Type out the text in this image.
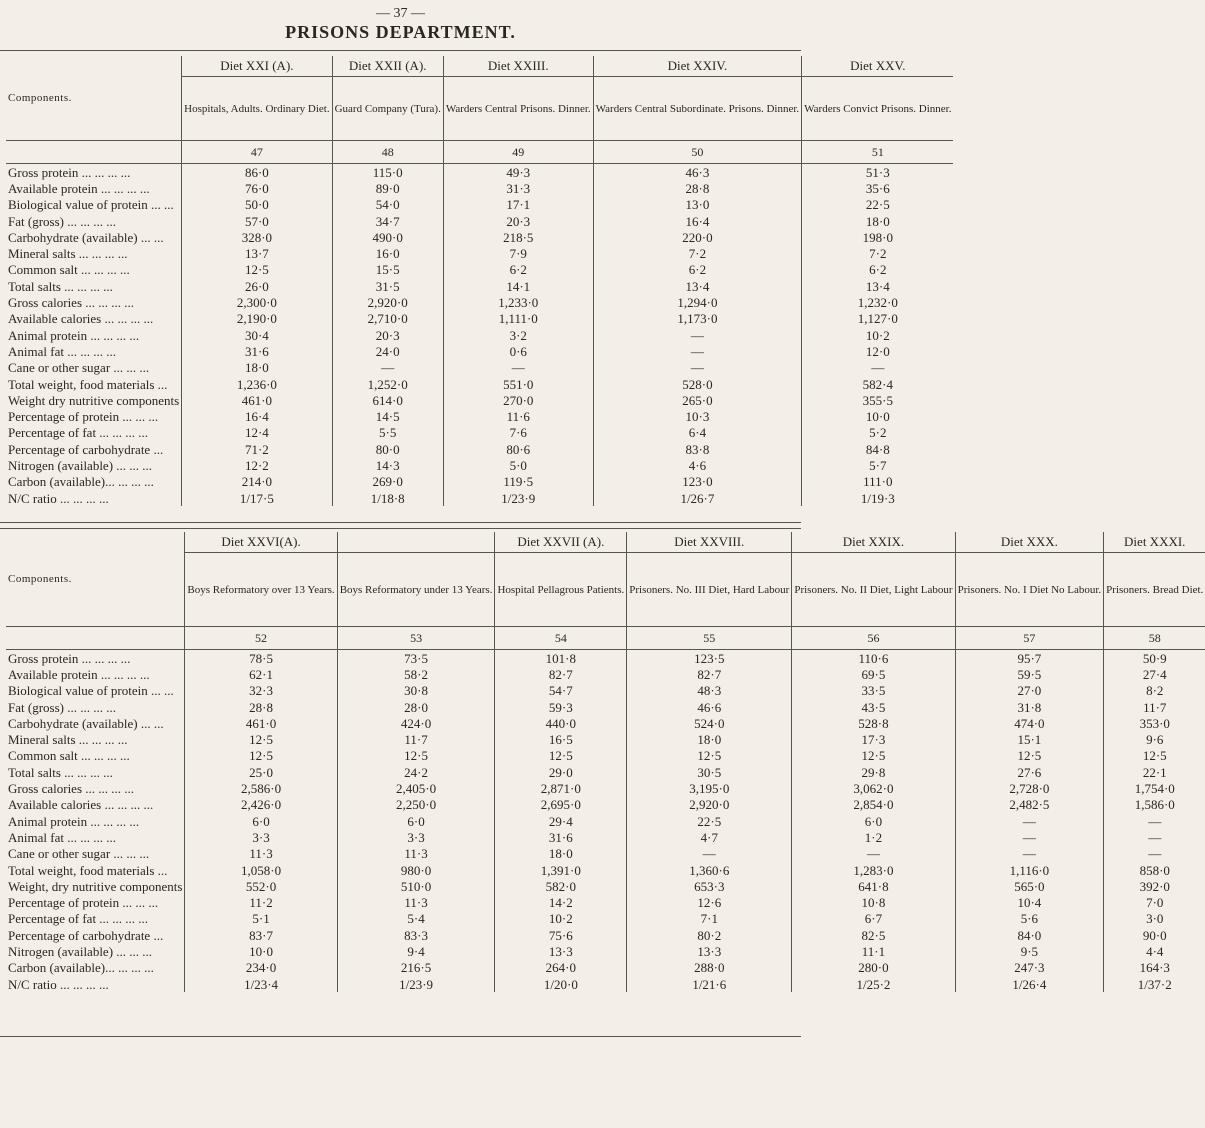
— 37 —
PRISONS DEPARTMENT.
Components.	Diet XXI (A).	Diet XXII (A).	Diet XXIII.	Diet XXIV.	Diet XXV.
	Hospitals, Adults. Ordinary Diet.	Guard Company (Tura).	Warders Central Prisons. Dinner.	Warders Central Subordinate. Prisons. Dinner.	Warders Convict Prisons. Dinner.
	47	48	49	50	51
Gross protein ... ... ... ...	86·0	115·0	49·3	46·3	51·3
Available protein ... ... ... ...	76·0	89·0	31·3	28·8	35·6
Biological value of protein ... ...	50·0	54·0	17·1	13·0	22·5
Fat (gross) ... ... ... ...	57·0	34·7	20·3	16·4	18·0
Carbohydrate (available) ... ...	328·0	490·0	218·5	220·0	198·0
Mineral salts ... ... ... ...	13·7	16·0	7·9	7·2	7·2
Common salt ... ... ... ...	12·5	15·5	6·2	6·2	6·2
Total salts ... ... ... ...	26·0	31·5	14·1	13·4	13·4
Gross calories ... ... ... ...	2,300·0	2,920·0	1,233·0	1,294·0	1,232·0
Available calories ... ... ... ...	2,190·0	2,710·0	1,111·0	1,173·0	1,127·0
Animal protein ... ... ... ...	30·4	20·3	3·2	—	10·2
Animal fat ... ... ... ...	31·6	24·0	0·6	—	12·0
Cane or other sugar ... ... ...	18·0	—	—	—	—
Total weight, food materials ...	1,236·0	1,252·0	551·0	528·0	582·4
Weight dry nutritive components	461·0	614·0	270·0	265·0	355·5
Percentage of protein ... ... ...	16·4	14·5	11·6	10·3	10·0
Percentage of fat ... ... ... ...	12·4	5·5	7·6	6·4	5·2
Percentage of carbohydrate ...	71·2	80·0	80·6	83·8	84·8
Nitrogen (available) ... ... ...	12·2	14·3	5·0	4·6	5·7
Carbon (available)... ... ... ...	214·0	269·0	119·5	123·0	111·0
N/C ratio ... ... ... ...	1/17·5	1/18·8	1/23·9	1/26·7	1/19·3
Components.	Diet XXVI(A).		Diet XXVII (A).	Diet XXVIII.	Diet XXIX.	Diet XXX.	Diet XXXI.
	Boys Reformatory over 13 Years.	Boys Reformatory under 13 Years.	Hospital Pellagrous Patients.	Prisoners. No. III Diet, Hard Labour	Prisoners. No. II Diet, Light Labour	Prisoners. No. I Diet No Labour.	Prisoners. Bread Diet.
	52	53	54	55	56	57	58
Gross protein ... ... ... ...	78·5	73·5	101·8	123·5	110·6	95·7	50·9
Available protein ... ... ... ...	62·1	58·2	82·7	82·7	69·5	59·5	27·4
Biological value of protein ... ...	32·3	30·8	54·7	48·3	33·5	27·0	8·2
Fat (gross) ... ... ... ...	28·8	28·0	59·3	46·6	43·5	31·8	11·7
Carbohydrate (available) ... ...	461·0	424·0	440·0	524·0	528·8	474·0	353·0
Mineral salts ... ... ... ...	12·5	11·7	16·5	18·0	17·3	15·1	9·6
Common salt ... ... ... ...	12·5	12·5	12·5	12·5	12·5	12·5	12·5
Total salts ... ... ... ...	25·0	24·2	29·0	30·5	29·8	27·6	22·1
Gross calories ... ... ... ...	2,586·0	2,405·0	2,871·0	3,195·0	3,062·0	2,728·0	1,754·0
Available calories ... ... ... ...	2,426·0	2,250·0	2,695·0	2,920·0	2,854·0	2,482·5	1,586·0
Animal protein ... ... ... ...	6·0	6·0	29·4	22·5	6·0	—	—
Animal fat ... ... ... ...	3·3	3·3	31·6	4·7	1·2	—	—
Cane or other sugar ... ... ...	11·3	11·3	18·0	—	—	—	—
Total weight, food materials ...	1,058·0	980·0	1,391·0	1,360·6	1,283·0	1,116·0	858·0
Weight, dry nutritive components	552·0	510·0	582·0	653·3	641·8	565·0	392·0
Percentage of protein ... ... ...	11·2	11·3	14·2	12·6	10·8	10·4	7·0
Percentage of fat ... ... ... ...	5·1	5·4	10·2	7·1	6·7	5·6	3·0
Percentage of carbohydrate ...	83·7	83·3	75·6	80·2	82·5	84·0	90·0
Nitrogen (available) ... ... ...	10·0	9·4	13·3	13·3	11·1	9·5	4·4
Carbon (available)... ... ... ...	234·0	216·5	264·0	288·0	280·0	247·3	164·3
N/C ratio ... ... ... ...	1/23·4	1/23·9	1/20·0	1/21·6	1/25·2	1/26·4	1/37·2
